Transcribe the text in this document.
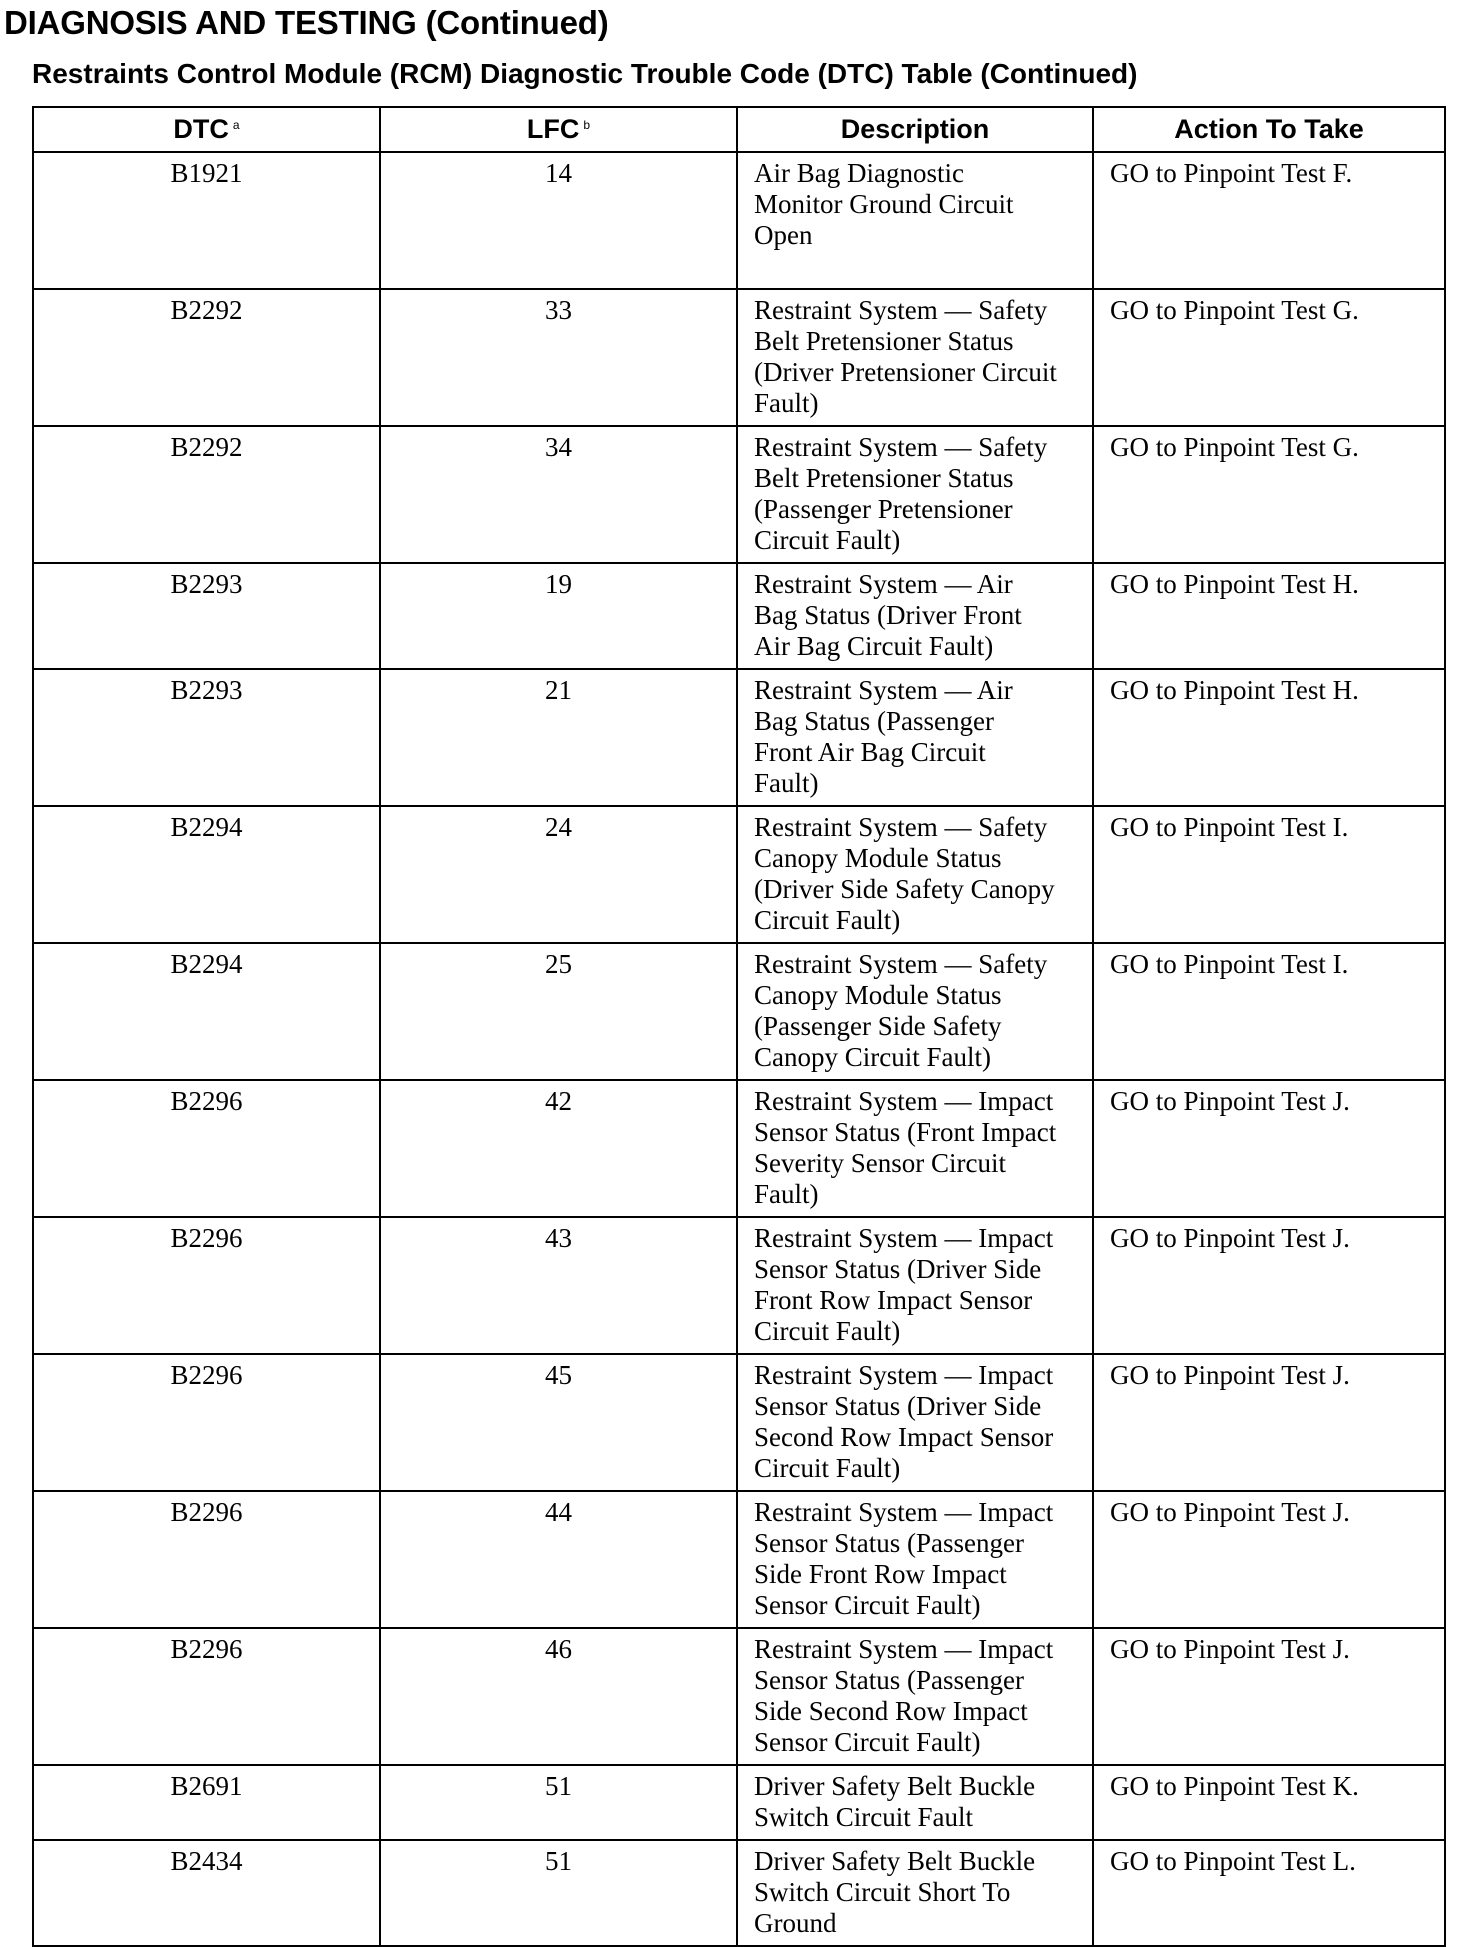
DIAGNOSIS AND TESTING (Continued)
Restraints Control Module (RCM) Diagnostic Trouble Code (DTC) Table (Continued)
DTC $^a$	LFC $^b$	Description	Action To Take
B1921	14	Air Bag Diagnostic
Monitor Ground Circuit
Open	GO to Pinpoint Test F.
B2292	33	Restraint System — Safety
Belt Pretensioner Status
(Driver Pretensioner Circuit
Fault)	GO to Pinpoint Test G.
B2292	34	Restraint System — Safety
Belt Pretensioner Status
(Passenger Pretensioner
Circuit Fault)	GO to Pinpoint Test G.
B2293	19	Restraint System — Air
Bag Status (Driver Front
Air Bag Circuit Fault)	GO to Pinpoint Test H.
B2293	21	Restraint System — Air
Bag Status (Passenger
Front Air Bag Circuit
Fault)	GO to Pinpoint Test H.
B2294	24	Restraint System — Safety
Canopy Module Status
(Driver Side Safety Canopy
Circuit Fault)	GO to Pinpoint Test I.
B2294	25	Restraint System — Safety
Canopy Module Status
(Passenger Side Safety
Canopy Circuit Fault)	GO to Pinpoint Test I.
B2296	42	Restraint System — Impact
Sensor Status (Front Impact
Severity Sensor Circuit
Fault)	GO to Pinpoint Test J.
B2296	43	Restraint System — Impact
Sensor Status (Driver Side
Front Row Impact Sensor
Circuit Fault)	GO to Pinpoint Test J.
B2296	45	Restraint System — Impact
Sensor Status (Driver Side
Second Row Impact Sensor
Circuit Fault)	GO to Pinpoint Test J.
B2296	44	Restraint System — Impact
Sensor Status (Passenger
Side Front Row Impact
Sensor Circuit Fault)	GO to Pinpoint Test J.
B2296	46	Restraint System — Impact
Sensor Status (Passenger
Side Second Row Impact
Sensor Circuit Fault)	GO to Pinpoint Test J.
B2691	51	Driver Safety Belt Buckle
Switch Circuit Fault	GO to Pinpoint Test K.
B2434	51	Driver Safety Belt Buckle
Switch Circuit Short To
Ground	GO to Pinpoint Test L.
